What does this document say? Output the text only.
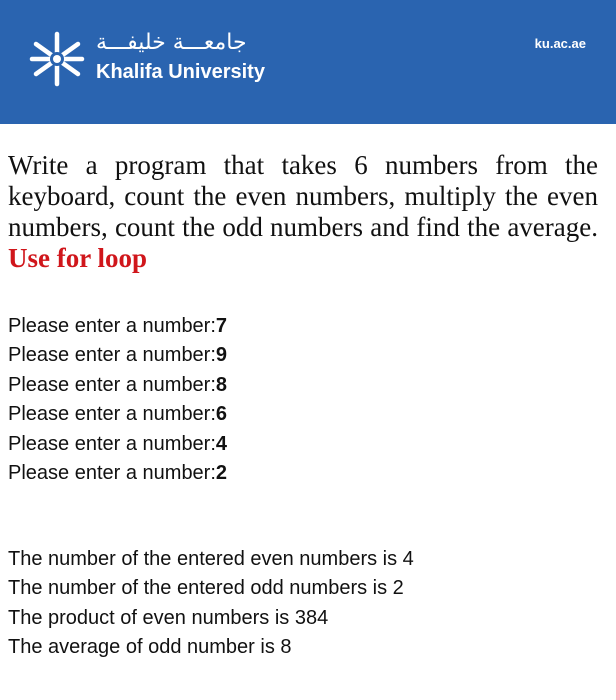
جامعـــة خليفـــة
Khalifa University
ku.ac.ae
Write a program that takes 6 numbers from the keyboard, count the even numbers, multiply the even numbers, count the odd numbers and find the average. Use for loop
Please enter a number:7
Please enter a number:9
Please enter a number:8
Please enter a number:6
Please enter a number:4
Please enter a number:2
The number of the entered even numbers is 4
The number of the entered odd numbers is 2
The product of even numbers is 384
The average of odd number is 8
